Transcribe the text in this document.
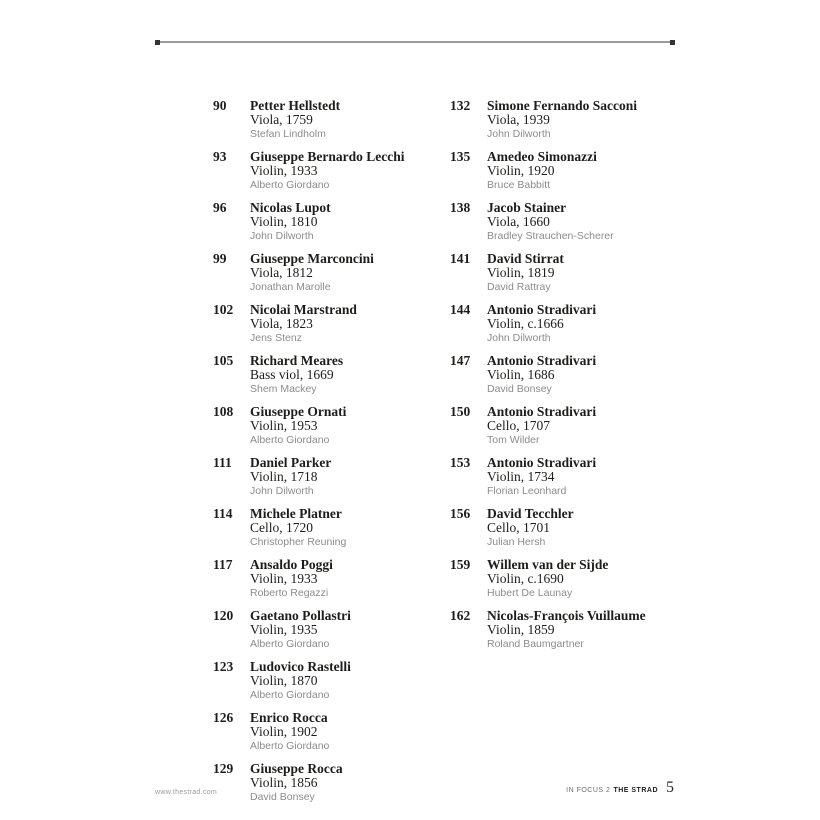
90	Petter Hellstedt
Viola, 1759
Stefan Lindholm
93	Giuseppe Bernardo Lecchi
Violin, 1933
Alberto Giordano
96	Nicolas Lupot
Violin, 1810
John Dilworth
99	Giuseppe Marconcini
Viola, 1812
Jonathan Marolle
102	Nicolai Marstrand
Viola, 1823
Jens Stenz
105	Richard Meares
Bass viol, 1669
Shem Mackey
108	Giuseppe Ornati
Violin, 1953
Alberto Giordano
111	Daniel Parker
Violin, 1718
John Dilworth
114	Michele Platner
Cello, 1720
Christopher Reuning
117	Ansaldo Poggi
Violin, 1933
Roberto Regazzi
120	Gaetano Pollastri
Violin, 1935
Alberto Giordano
123	Ludovico Rastelli
Violin, 1870
Alberto Giordano
126	Enrico Rocca
Violin, 1902
Alberto Giordano
129	Giuseppe Rocca
Violin, 1856
David Bonsey
132	Simone Fernando Sacconi
Viola, 1939
John Dilworth
135	Amedeo Simonazzi
Violin, 1920
Bruce Babbitt
138	Jacob Stainer
Viola, 1660
Bradley Strauchen-Scherer
141	David Stirrat
Violin, 1819
David Rattray
144	Antonio Stradivari
Violin, c.1666
John Dilworth
147	Antonio Stradivari
Violin, 1686
David Bonsey
150	Antonio Stradivari
Cello, 1707
Tom Wilder
153	Antonio Stradivari
Violin, 1734
Florian Leonhard
156	David Tecchler
Cello, 1701
Julian Hersh
159	Willem van der Sijde
Violin, c.1690
Hubert De Launay
162	Nicolas-François Vuillaume
Violin, 1859
Roland Baumgartner
www.thestrad.com	IN FOCUS 2 THE STRAD 5
